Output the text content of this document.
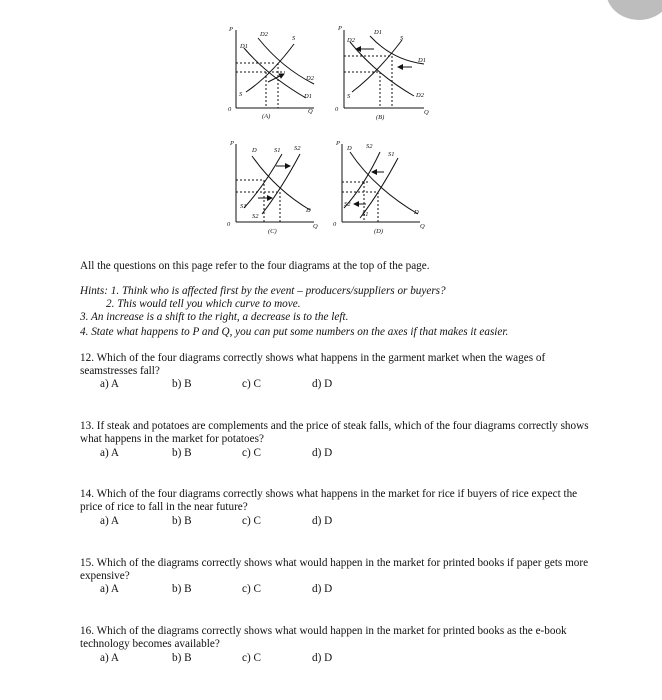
P
D1
D2
S
S
D2
D1
0	Q
(A)
P
D2
D1
S
S
D1
D2
0	Q
(B)
P
D	S1 S2
S1
S2
D
0	Q
(C)
P
D S2
S1
S2
S1	D
0	Q
(D)
All the questions on this page refer to the four diagrams at the top of the page.
Hints: 1. Think who is affected first by the event – producers/suppliers or buyers?
2. This would tell you which curve to move.
3. An increase is a shift to the right, a decrease is to the left.
4. State what happens to P and Q, you can put some numbers on the axes if that makes it easier.
12. Which of the four diagrams correctly shows what happens in the garment market when the wages of seamstresses fall?
a) A	b) B	c) C	d) D
13. If steak and potatoes are complements and the price of steak falls, which of the four diagrams correctly shows what happens in the market for potatoes?
a) A	b) B	c) C	d) D
14. Which of the four diagrams correctly shows what happens in the market for rice if buyers of rice expect the price of rice to fall in the near future?
a) A	b) B	c) C	d) D
15. Which of the diagrams correctly shows what would happen in the market for printed books if paper gets more expensive?
a) A	b) B	c) C	d) D
16. Which of the diagrams correctly shows what would happen in the market for printed books as the e-book technology becomes available?
a) A	b) B	c) C	d) D
